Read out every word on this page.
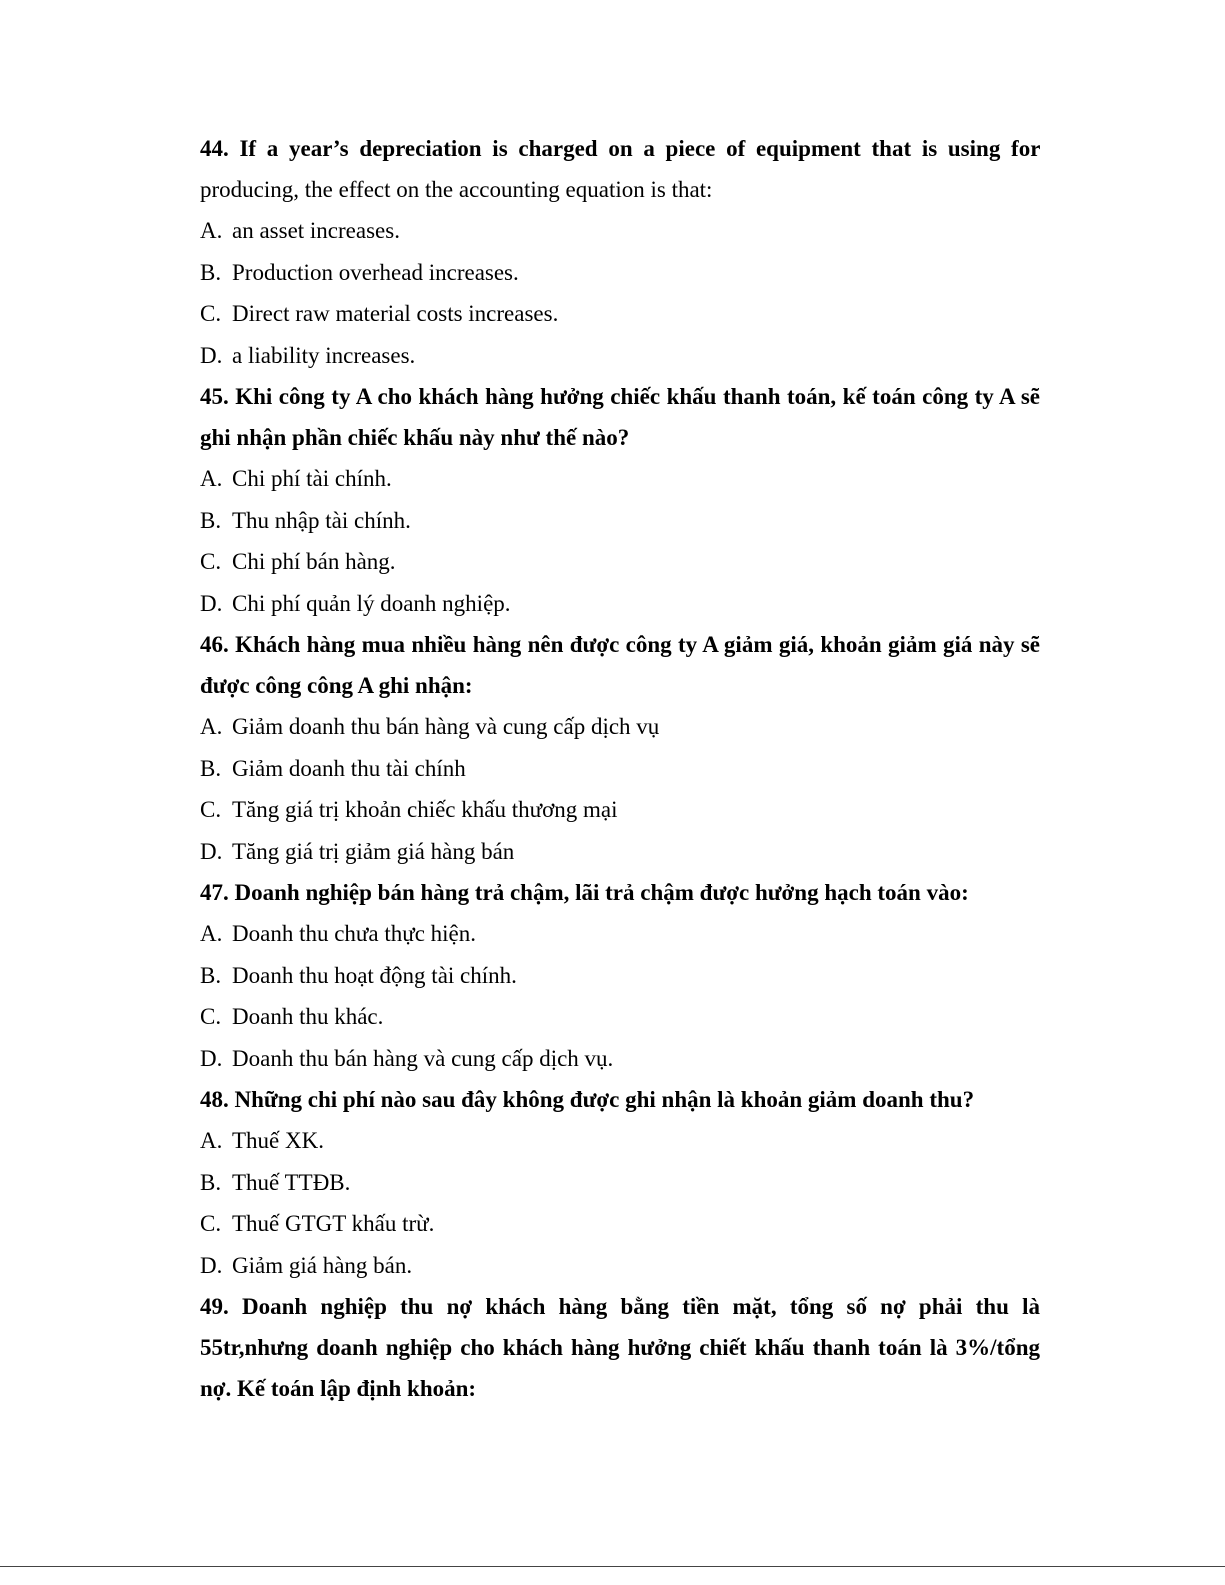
44. If a year’s depreciation is charged on a piece of equipment that is using for producing, the effect on the accounting equation is that:

A. an asset increases.

B. Production overhead increases.

C. Direct raw material costs increases.

D. a liability increases.

45. Khi công ty A cho khách hàng hưởng chiếc khấu thanh toán, kế toán công ty A sẽ ghi nhận phần chiếc khấu này như thế nào?

A. Chi phí tài chính.

B. Thu nhập tài chính.

C. Chi phí bán hàng.

D. Chi phí quản lý doanh nghiệp.

46. Khách hàng mua nhiều hàng nên được công ty A giảm giá, khoản giảm giá này sẽ được công công A ghi nhận:

A. Giảm doanh thu bán hàng và cung cấp dịch vụ

B. Giảm doanh thu tài chính

C. Tăng giá trị khoản chiếc khấu thương mại

D. Tăng giá trị giảm giá hàng bán

47. Doanh nghiệp bán hàng trả chậm, lãi trả chậm được hưởng hạch toán vào:

A. Doanh thu chưa thực hiện.

B. Doanh thu hoạt động tài chính.

C. Doanh thu khác.

D. Doanh thu bán hàng và cung cấp dịch vụ.

48. Những chi phí nào sau đây không được ghi nhận là khoản giảm doanh thu?

A. Thuế XK.

B. Thuế TTĐB.

C. Thuế GTGT khấu trừ.

D. Giảm giá hàng bán.

49. Doanh nghiệp thu nợ khách hàng bằng tiền mặt, tổng số nợ phải thu là 55tr,nhưng doanh nghiệp cho khách hàng hưởng chiết khấu thanh toán là 3%/tổng nợ. Kế toán lập định khoản:
